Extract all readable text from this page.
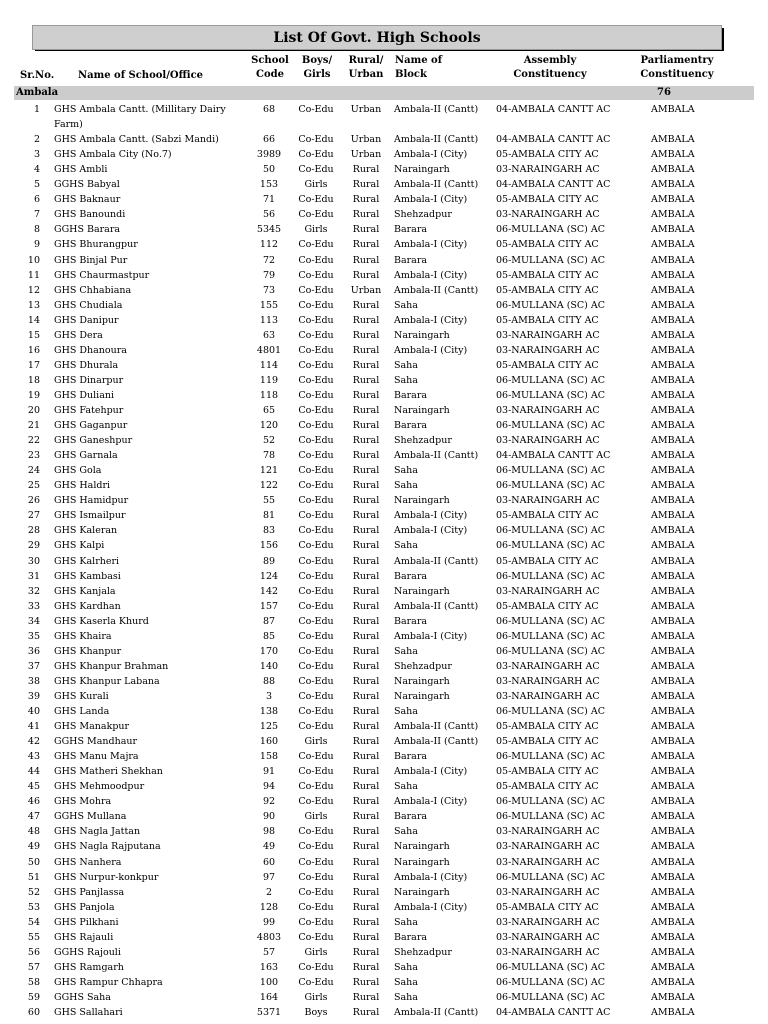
List Of Govt. High Schools
Sr.No. Name of School/Office
School
Code
Boys/
Girls
Rural/
Urban
Name of
Block
Assembly
Constituency
Parliamentry
Constituency
Ambala	76
1 GHS Ambala Cantt. (Millitary Dairy	68	Co-Edu	Urban	Ambala-II (Cantt)	04-AMBALA CANTT AC	AMBALA
Farm)
2 GHS Ambala Cantt. (Sabzi Mandi)	66	Co-Edu	Urban	Ambala-II (Cantt)	04-AMBALA CANTT AC	AMBALA
3 GHS Ambala City (No.7)	3989	Co-Edu	Urban	Ambala-I (City)	05-AMBALA CITY AC	AMBALA
4 GHS Ambli	50	Co-Edu	Rural	Naraingarh	03-NARAINGARH AC	AMBALA
5 GGHS Babyal	153	Girls	Rural	Ambala-II (Cantt)	04-AMBALA CANTT AC	AMBALA
6 GHS Baknaur	71	Co-Edu	Rural	Ambala-I (City)	05-AMBALA CITY AC	AMBALA
7 GHS Banoundi	56	Co-Edu	Rural	Shehzadpur	03-NARAINGARH AC	AMBALA
8 GGHS Barara	5345	Girls	Rural	Barara	06-MULLANA (SC) AC	AMBALA
9 GHS Bhurangpur	112	Co-Edu	Rural	Ambala-I (City)	05-AMBALA CITY AC	AMBALA
10 GHS Binjal Pur	72	Co-Edu	Rural	Barara	06-MULLANA (SC) AC	AMBALA
11 GHS Chaurmastpur	79	Co-Edu	Rural	Ambala-I (City)	05-AMBALA CITY AC	AMBALA
12 GHS Chhabiana	73	Co-Edu	Urban	Ambala-II (Cantt)	05-AMBALA CITY AC	AMBALA
13 GHS Chudiala	155	Co-Edu	Rural	Saha	06-MULLANA (SC) AC	AMBALA
14 GHS Danipur	113	Co-Edu	Rural	Ambala-I (City)	05-AMBALA CITY AC	AMBALA
15 GHS Dera	63	Co-Edu	Rural	Naraingarh	03-NARAINGARH AC	AMBALA
16 GHS Dhanoura	4801	Co-Edu	Rural	Ambala-I (City)	03-NARAINGARH AC	AMBALA
17 GHS Dhurala	114	Co-Edu	Rural	Saha	05-AMBALA CITY AC	AMBALA
18 GHS Dinarpur	119	Co-Edu	Rural	Saha	06-MULLANA (SC) AC	AMBALA
19 GHS Duliani	118	Co-Edu	Rural	Barara	06-MULLANA (SC) AC	AMBALA
20 GHS Fatehpur	65	Co-Edu	Rural	Naraingarh	03-NARAINGARH AC	AMBALA
21 GHS Gaganpur	120	Co-Edu	Rural	Barara	06-MULLANA (SC) AC	AMBALA
22 GHS Ganeshpur	52	Co-Edu	Rural	Shehzadpur	03-NARAINGARH AC	AMBALA
23 GHS Garnala	78	Co-Edu	Rural	Ambala-II (Cantt)	04-AMBALA CANTT AC	AMBALA
24 GHS Gola	121	Co-Edu	Rural	Saha	06-MULLANA (SC) AC	AMBALA
25 GHS Haldri	122	Co-Edu	Rural	Saha	06-MULLANA (SC) AC	AMBALA
26 GHS Hamidpur	55	Co-Edu	Rural	Naraingarh	03-NARAINGARH AC	AMBALA
27 GHS Ismailpur	81	Co-Edu	Rural	Ambala-I (City)	05-AMBALA CITY AC	AMBALA
28 GHS Kaleran	83	Co-Edu	Rural	Ambala-I (City)	06-MULLANA (SC) AC	AMBALA
29 GHS Kalpi	156	Co-Edu	Rural	Saha	06-MULLANA (SC) AC	AMBALA
30 GHS Kalrheri	89	Co-Edu	Rural	Ambala-II (Cantt)	05-AMBALA CITY AC	AMBALA
31 GHS Kambasi	124	Co-Edu	Rural	Barara	06-MULLANA (SC) AC	AMBALA
32 GHS Kanjala	142	Co-Edu	Rural	Naraingarh	03-NARAINGARH AC	AMBALA
33 GHS Kardhan	157	Co-Edu	Rural	Ambala-II (Cantt)	05-AMBALA CITY AC	AMBALA
34 GHS Kaserla Khurd	87	Co-Edu	Rural	Barara	06-MULLANA (SC) AC	AMBALA
35 GHS Khaira	85	Co-Edu	Rural	Ambala-I (City)	06-MULLANA (SC) AC	AMBALA
36 GHS Khanpur	170	Co-Edu	Rural	Saha	06-MULLANA (SC) AC	AMBALA
37 GHS Khanpur Brahman	140	Co-Edu	Rural	Shehzadpur	03-NARAINGARH AC	AMBALA
38 GHS Khanpur Labana	88	Co-Edu	Rural	Naraingarh	03-NARAINGARH AC	AMBALA
39 GHS Kurali	3	Co-Edu	Rural	Naraingarh	03-NARAINGARH AC	AMBALA
40 GHS Landa	138	Co-Edu	Rural	Saha	06-MULLANA (SC) AC	AMBALA
41 GHS Manakpur	125	Co-Edu	Rural	Ambala-II (Cantt)	05-AMBALA CITY AC	AMBALA
42 GGHS Mandhaur	160	Girls	Rural	Ambala-II (Cantt)	05-AMBALA CITY AC	AMBALA
43 GHS Manu Majra	158	Co-Edu	Rural	Barara	06-MULLANA (SC) AC	AMBALA
44 GHS Matheri Shekhan	91	Co-Edu	Rural	Ambala-I (City)	05-AMBALA CITY AC	AMBALA
45 GHS Mehmoodpur	94	Co-Edu	Rural	Saha	05-AMBALA CITY AC	AMBALA
46 GHS Mohra	92	Co-Edu	Rural	Ambala-I (City)	06-MULLANA (SC) AC	AMBALA
47 GGHS Mullana	90	Girls	Rural	Barara	06-MULLANA (SC) AC	AMBALA
48 GHS Nagla Jattan	98	Co-Edu	Rural	Saha	03-NARAINGARH AC	AMBALA
49 GHS Nagla Rajputana	49	Co-Edu	Rural	Naraingarh	03-NARAINGARH AC	AMBALA
50 GHS Nanhera	60	Co-Edu	Rural	Naraingarh	03-NARAINGARH AC	AMBALA
51 GHS Nurpur-konkpur	97	Co-Edu	Rural	Ambala-I (City)	06-MULLANA (SC) AC	AMBALA
52 GHS Panjlassa	2	Co-Edu	Rural	Naraingarh	03-NARAINGARH AC	AMBALA
53 GHS Panjola	128	Co-Edu	Rural	Ambala-I (City)	05-AMBALA CITY AC	AMBALA
54 GHS Pilkhani	99	Co-Edu	Rural	Saha	03-NARAINGARH AC	AMBALA
55 GHS Rajauli	4803	Co-Edu	Rural	Barara	03-NARAINGARH AC	AMBALA
56 GGHS Rajouli	57	Girls	Rural	Shehzadpur	03-NARAINGARH AC	AMBALA
57 GHS Ramgarh	163	Co-Edu	Rural	Saha	06-MULLANA (SC) AC	AMBALA
58 GHS Rampur Chhapra	100	Co-Edu	Rural	Saha	06-MULLANA (SC) AC	AMBALA
59 GGHS Saha	164	Girls	Rural	Saha	06-MULLANA (SC) AC	AMBALA
60 GHS Sallahari	5371	Boys	Rural	Ambala-II (Cantt)	04-AMBALA CANTT AC	AMBALA
